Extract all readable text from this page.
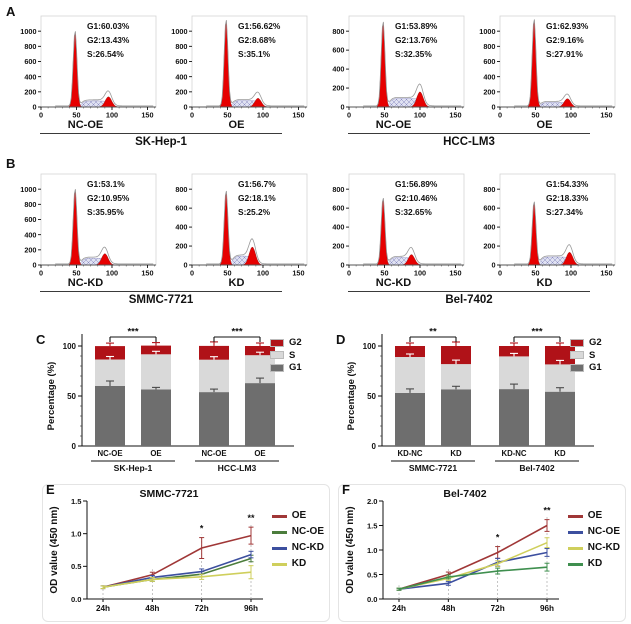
A
0
200
400
600
800
1000
0	50	100	150
G1:60.03%
G2:13.43%
S:26.54%
NC-OE
0
200
400
600
800
1000
0	50	100	150
G1:56.62%
G2:8.68%
S:35.1%
OE
SK-Hep-1
0
200
400
600
800
0	50	100	150
G1:53.89%
G2:13.76%
S:32.35%
NC-OE
0
200
400
600
800
1000
0	50	100	150
G1:62.93%
G2:9.16%
S:27.91%
OE
HCC-LM3
B
0
200
400
600
800
1000
0	50	100	150
G1:53.1%
G2:10.95%
S:35.95%
NC-KD
0
200
400
600
800
0	50	100	150
G1:56.7%
G2:18.1%
S:25.2%
KD
SMMC-7721
0
200
400
600
800
0	50	100	150
G1:56.89%
G2:10.46%
S:32.65%
NC-KD
0
200
400
600
800
0	50	100	150
G1:54.33%
G2:18.33%
S:27.34%
KD
Bel-7402
C
0
50
100
***	***
NC-OE	OE	NC-OE	OE
SK-Hep-1	HCC-LM3
Percentage (%)
G2
S
G1
D
0
50
100
**	***
KD-NC	KD	KD-NC	KD
SMMC-7721	Bel-7402
Percentage (%)
G2
S
G1
E	F
SMMC-7721
0.0
0.5
1.0
1.5
24h	48h	72h	96h
*
**
OD value (450 nm)	OE
NC-OE
NC-KD
KD
Bel-7402
0.0
0.5
1.0
1.5
2.0
24h	48h	72h	96h
*
**
OD value (450 nm)	OE
NC-OE
NC-KD
KD
